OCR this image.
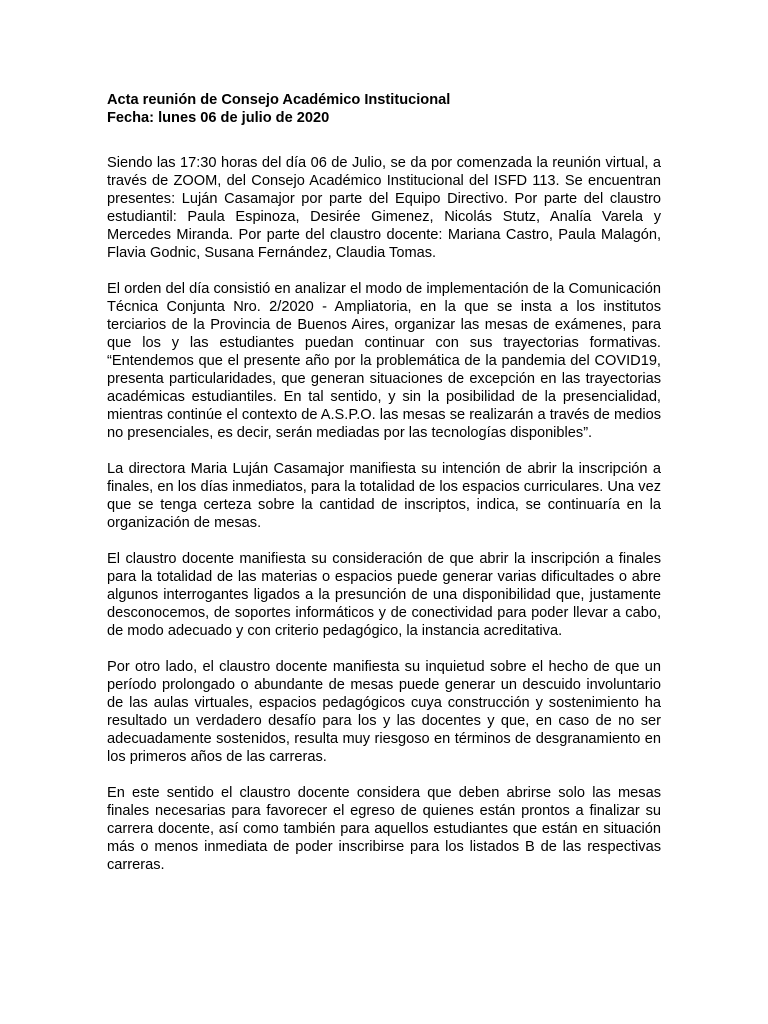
Acta reunión de Consejo Académico Institucional

Fecha: lunes 06 de julio de 2020

Siendo las 17:30 horas del día 06 de Julio, se da por comenzada la reunión virtual, a través de ZOOM, del Consejo Académico Institucional del ISFD 113. Se encuentran presentes: Luján Casamajor por parte del Equipo Directivo. Por parte del claustro estudiantil: Paula Espinoza, Desirée Gimenez, Nicolás Stutz, Analía Varela y Mercedes Miranda. Por parte del claustro docente: Mariana Castro, Paula Malagón, Flavia Godnic, Susana Fernández, Claudia Tomas.

El orden del día consistió en analizar el modo de implementación de la Comunicación Técnica Conjunta Nro. 2/2020 - Ampliatoria, en la que se insta a los institutos terciarios de la Provincia de Buenos Aires, organizar las mesas de exámenes, para que los y las estudiantes puedan continuar con sus trayectorias formativas. “Entendemos que el presente año por la problemática de la pandemia del COVID19, presenta particularidades, que generan situaciones de excepción en las trayectorias académicas estudiantiles. En tal sentido, y sin la posibilidad de la presencialidad, mientras continúe el contexto de A.S.P.O. las mesas se realizarán a través de medios no presenciales, es decir, serán mediadas por las tecnologías disponibles”.

La directora Maria Luján Casamajor manifiesta su intención de abrir la inscripción a finales, en los días inmediatos, para la totalidad de los espacios curriculares. Una vez que se tenga certeza sobre la cantidad de inscriptos, indica, se continuaría en la organización de mesas.

El claustro docente manifiesta su consideración de que abrir la inscripción a finales para la totalidad de las materias o espacios puede generar varias dificultades o abre algunos interrogantes ligados a la presunción de una disponibilidad que, justamente desconocemos, de soportes informáticos y de conectividad para poder llevar a cabo, de modo adecuado y con criterio pedagógico, la instancia acreditativa.

Por otro lado, el claustro docente manifiesta su inquietud sobre el hecho de que un período prolongado o abundante de mesas puede generar un descuido involuntario de las aulas virtuales, espacios pedagógicos cuya construcción y sostenimiento ha resultado un verdadero desafío para los y las docentes y que, en caso de no ser adecuadamente sostenidos, resulta muy riesgoso en términos de desgranamiento en los primeros años de las carreras.

En este sentido el claustro docente considera que deben abrirse solo las mesas finales necesarias para favorecer el egreso de quienes están prontos a finalizar su carrera docente, así como también para aquellos estudiantes que están en situación más o menos inmediata de poder inscribirse para los listados B de las respectivas carreras.
